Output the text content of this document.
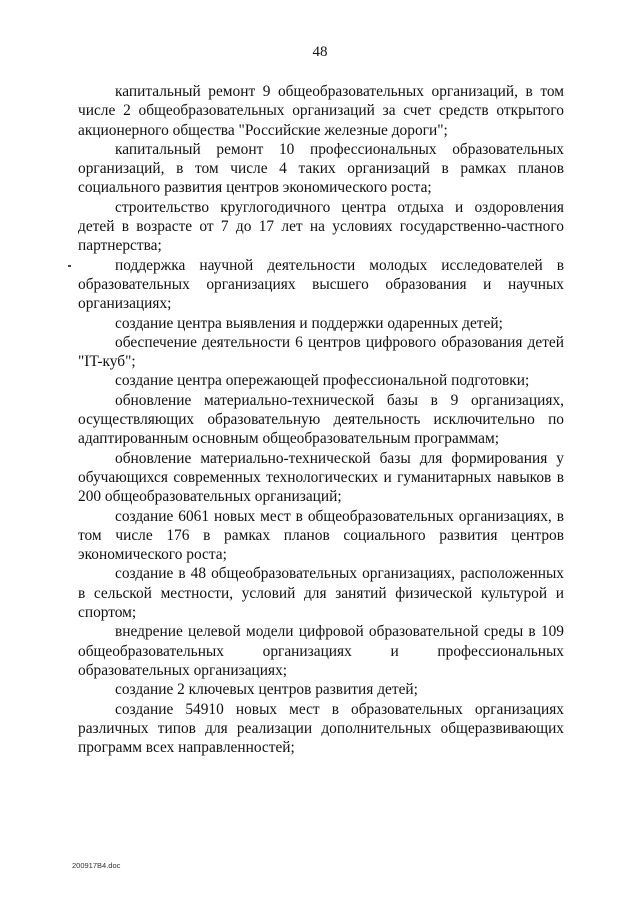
48

капитальный ремонт 9 общеобразовательных организаций, в том числе 2 общеобразовательных организаций за счет средств открытого акционерного общества "Российские железные дороги";

капитальный ремонт 10 профессиональных образовательных организаций, в том числе 4 таких организаций в рамках планов социального развития центров экономического роста;

строительство круглогодичного центра отдыха и оздоровления детей в возрасте от 7 до 17 лет на условиях государственно-частного партнерства;

поддержка научной деятельности молодых исследователей в образовательных организациях высшего образования и научных организациях;

создание центра выявления и поддержки одаренных детей;

обеспечение деятельности 6 центров цифрового образования детей "IT-куб";

создание центра опережающей профессиональной подготовки;

обновление материально-технической базы в 9 организациях, осуществляющих образовательную деятельность исключительно по адаптированным основным общеобразовательным программам;

обновление материально-технической базы для формирования у обучающихся современных технологических и гуманитарных навыков в 200 общеобразовательных организаций;

создание 6061 новых мест в общеобразовательных организациях, в том числе 176 в рамках планов социального развития центров экономического роста;

создание в 48 общеобразовательных организациях, расположенных в сельской местности, условий для занятий физической культурой и спортом;

внедрение целевой модели цифровой образовательной среды в 109 общеобразовательных организациях и профессиональных образовательных организациях;

создание 2 ключевых центров развития детей;

создание 54910 новых мест в образовательных организациях различных типов для реализации дополнительных общеразвивающих программ всех направленностей;

200917В4.doc
